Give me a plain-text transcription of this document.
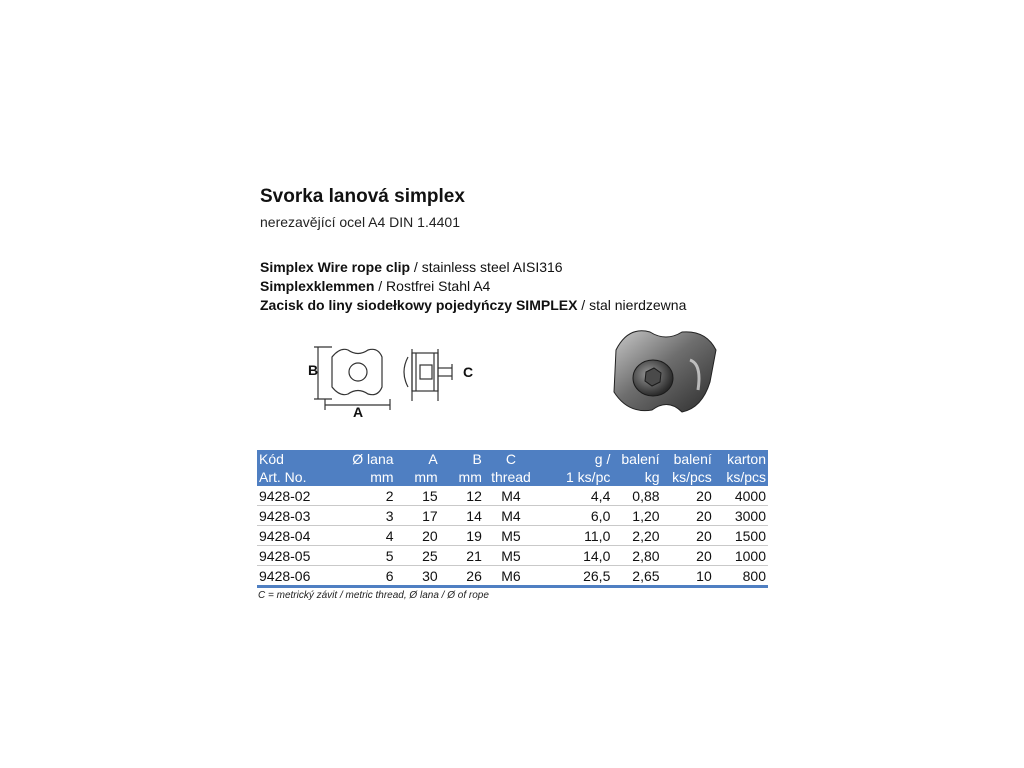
Svorka lanová simplex
nerezavějící ocel A4 DIN 1.4401
Simplex Wire rope clip / stainless steel AISI316
Simplexklemmen / Rostfrei Stahl A4
Zacisk do liny siodełkowy pojedyńczy SIMPLEX / stal nierdzewna
B
A
C
Kód	Ø lana	A	B	C	g /	balení	balení	karton
Art. No.	mm	mm	mm	thread	1 ks/pc	kg	ks/pcs	ks/pcs
9428-02	2	15	12	M4	4,4	0,88	20	4000
9428-03	3	17	14	M4	6,0	1,20	20	3000
9428-04	4	20	19	M5	11,0	2,20	20	1500
9428-05	5	25	21	M5	14,0	2,80	20	1000
9428-06	6	30	26	M6	26,5	2,65	10	800
C = metrický závit / metric thread, Ø lana / Ø of rope
